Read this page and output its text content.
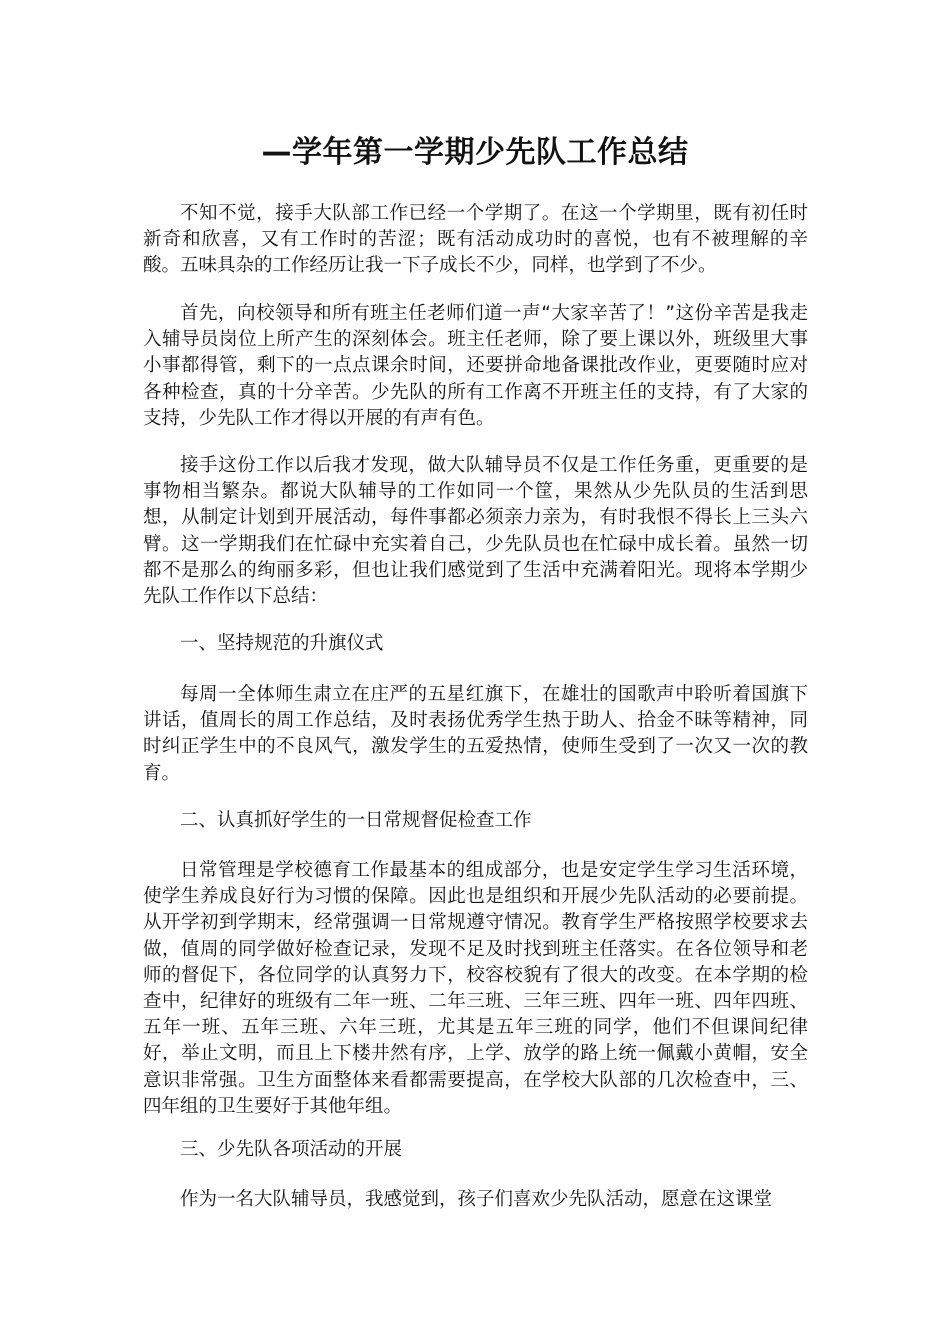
—学年第一学期少先队工作总结

不知不觉，接手大队部工作已经一个学期了。在这一个学期里，既有初任时新奇和欣喜，又有工作时的苦涩；既有活动成功时的喜悦，也有不被理解的辛酸。五味具杂的工作经历让我一下子成长不少，同样，也学到了不少。

首先，向校领导和所有班主任老师们道一声“大家辛苦了！”这份辛苦是我走入辅导员岗位上所产生的深刻体会。班主任老师，除了要上课以外，班级里大事小事都得管，剩下的一点点课余时间，还要拼命地备课批改作业，更要随时应对各种检查，真的十分辛苦。少先队的所有工作离不开班主任的支持，有了大家的支持，少先队工作才得以开展的有声有色。

接手这份工作以后我才发现，做大队辅导员不仅是工作任务重，更重要的是事物相当繁杂。都说大队辅导的工作如同一个筐，果然从少先队员的生活到思想，从制定计划到开展活动，每件事都必须亲力亲为，有时我恨不得长上三头六臂。这一学期我们在忙碌中充实着自己，少先队员也在忙碌中成长着。虽然一切都不是那么的绚丽多彩，但也让我们感觉到了生活中充满着阳光。现将本学期少先队工作作以下总结：

一、坚持规范的升旗仪式

每周一全体师生肃立在庄严的五星红旗下，在雄壮的国歌声中聆听着国旗下讲话，值周长的周工作总结，及时表扬优秀学生热于助人、拾金不昧等精神，同时纠正学生中的不良风气，激发学生的五爱热情，使师生受到了一次又一次的教育。

二、认真抓好学生的一日常规督促检查工作

日常管理是学校德育工作最基本的组成部分，也是安定学生学习生活环境，使学生养成良好行为习惯的保障。因此也是组织和开展少先队活动的必要前提。从开学初到学期末，经常强调一日常规遵守情况。教育学生严格按照学校要求去做，值周的同学做好检查记录，发现不足及时找到班主任落实。在各位领导和老师的督促下，各位同学的认真努力下，校容校貌有了很大的改变。在本学期的检查中，纪律好的班级有二年一班、二年三班、三年三班、四年一班、四年四班、五年一班、五年三班、六年三班，尤其是五年三班的同学，他们不但课间纪律好，举止文明，而且上下楼井然有序，上学、放学的路上统一佩戴小黄帽，安全意识非常强。卫生方面整体来看都需要提高，在学校大队部的几次检查中，三、四年组的卫生要好于其他年组。

三、少先队各项活动的开展

作为一名大队辅导员，我感觉到，孩子们喜欢少先队活动，愿意在这课堂
